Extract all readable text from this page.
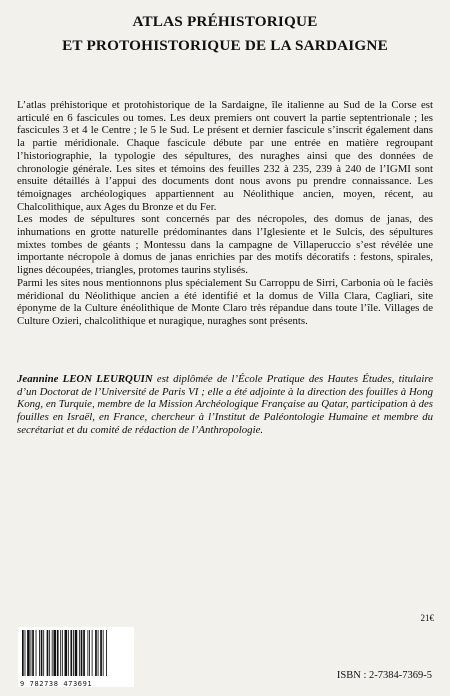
ATLAS PRÉHISTORIQUE
ET PROTOHISTORIQUE DE LA SARDAIGNE

L’atlas préhistorique et protohistorique de la Sardaigne, île italienne au Sud de la Corse est articulé en 6 fascicules ou tomes. Les deux premiers ont couvert la partie septentrionale ; les fascicules 3 et 4 le Centre ; le 5 le Sud. Le présent et dernier fascicule s’inscrit également dans la partie méridionale. Chaque fascicule débute par une entrée en matière regroupant l’historiographie, la typologie des sépultures, des nuraghes ainsi que des données de chronologie générale. Les sites et témoins des feuilles 232 à 235, 239 à 240 de l’IGMI sont ensuite détaillés à l’appui des documents dont nous avons pu prendre connaissance. Les témoignages archéologiques appartiennent au Néolithique ancien, moyen, récent, au Chalcolithique, aux Ages du Bronze et du Fer.

Les modes de sépultures sont concernés par des nécropoles, des domus de janas, des inhumations en grotte naturelle prédominantes dans l’Iglesiente et le Sulcis, des sépultures mixtes tombes de géants ; Montessu dans la campagne de Villaperuccio s’est révélée une importante nécropole à domus de janas enrichies par des motifs décoratifs : festons, spirales, lignes découpées, triangles, protomes taurins stylisés.

Parmi les sites nous mentionnons plus spécialement Su Carroppu de Sirri, Carbonia où le faciès méridional du Néolithique ancien a été identifié et la domus de Villa Clara, Cagliari, site éponyme de la Culture énéolithique de Monte Claro très répandue dans toute l’île. Villages de Culture Ozieri, chalcolithique et nuragique, nuraghes sont présents.

Jeannine LEON LEURQUIN est diplômée de l’École Pratique des Hautes Études, titulaire d’un Doctorat de l’Université de Paris VI ; elle a été adjointe à la direction des fouilles à Hong Kong, en Turquie, membre de la Mission Archéologique Française au Qatar, participation à des fouilles en Israël, en France, chercheur à l’Institut de Paléontologie Humaine et membre du secrétariat et du comité de rédaction de l’Anthropologie.
21€
9 782738 473691
ISBN : 2-7384-7369-5
